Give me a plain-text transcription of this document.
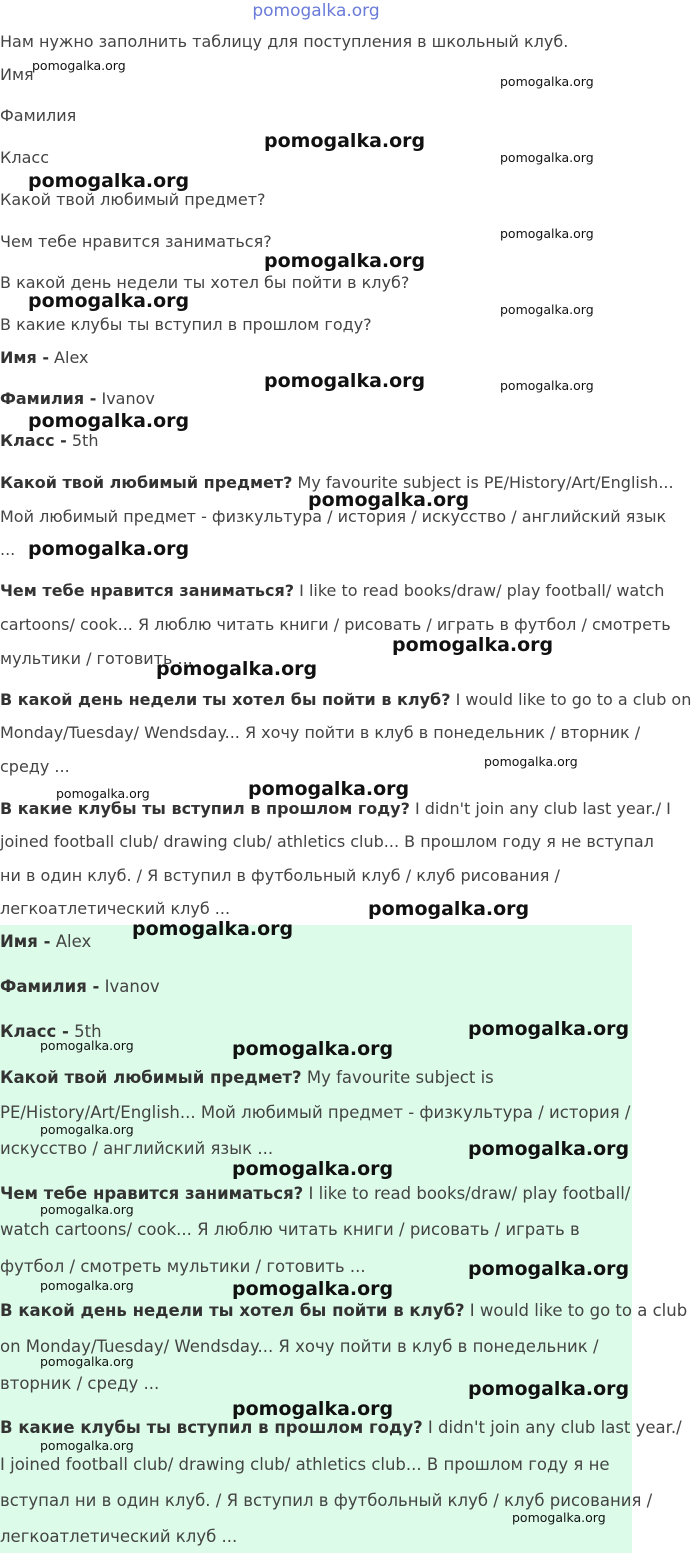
pomogalka.org
Нам нужно заполнить таблицу для поступления в школьный клуб.
Имя
Фамилия
Класс
Какой твой любимый предмет?
Чем тебе нравится заниматься?
В какой день недели ты хотел бы пойти в клуб?
В какие клубы ты вступил в прошлом году?
Имя - Alex
Фамилия - Ivanov
Класс - 5th
Какой твой любимый предмет? My favourite subject is PE/History/Art/English...
Мой любимый предмет - физкультура / история / искусство / английский язык
...
Чем тебе нравится заниматься? I like to read books/draw/ play football/ watch
cartoons/ cook... Я люблю читать книги / рисовать / играть в футбол / смотреть
мультики / готовить ...
В какой день недели ты хотел бы пойти в клуб? I would like to go to a club on
Monday/Tuesday/ Wendsday... Я хочу пойти в клуб в понедельник / вторник /
среду ...
В какие клубы ты вступил в прошлом году? I didn't join any club last year./ I
joined football club/ drawing club/ athletics club... В прошлом году я не вступал
ни в один клуб. / Я вступил в футбольный клуб / клуб рисования /
легкоатлетический клуб ...
Имя - Alex
Фамилия - Ivanov
Класс - 5th
Какой твой любимый предмет? My favourite subject is
PE/History/Art/English... Мой любимый предмет - физкультура / история /
искусство / английский язык ...
Чем тебе нравится заниматься? I like to read books/draw/ play football/
watch cartoons/ cook... Я люблю читать книги / рисовать / играть в
футбол / смотреть мультики / готовить ...
В какой день недели ты хотел бы пойти в клуб? I would like to go to a club
on Monday/Tuesday/ Wendsday... Я хочу пойти в клуб в понедельник /
вторник / среду ...
В какие клубы ты вступил в прошлом году? I didn't join any club last year./
I joined football club/ drawing club/ athletics club... В прошлом году я не
вступал ни в один клуб. / Я вступил в футбольный клуб / клуб рисования /
легкоатлетический клуб ...
pomogalka.org
pomogalka.org
pomogalka.org
pomogalka.org
pomogalka.org
pomogalka.org
pomogalka.org
pomogalka.org	pomogalka.org
pomogalka.org	pomogalka.org
pomogalka.org
pomogalka.org
pomogalka.org
pomogalka.org
pomogalka.org
pomogalka.org
pomogalka.org
pomogalka.org
pomogalka.org
pomogalka.org
pomogalka.org
pomogalka.org	pomogalka.org
pomogalka.org
pomogalka.org
pomogalka.org
pomogalka.org
pomogalka.org
pomogalka.org	pomogalka.org
pomogalka.org
pomogalka.org
pomogalka.org
pomogalka.org
pomogalka.org
